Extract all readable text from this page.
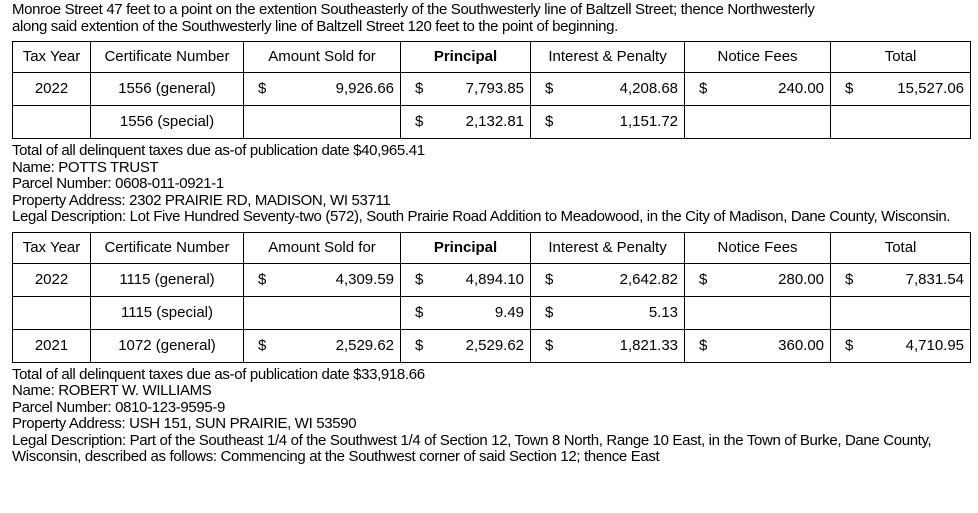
Monroe Street 47 feet to a point on the extention Southeasterly of the Southwesterly line of Baltzell Street; thence Northwesterly
along said extention of the Southwesterly line of Baltzell Street 120 feet to the point of beginning.
Tax Year	Certificate Number	Amount Sold for		Principal		Interest & Penalty		Notice Fees		Total	
2022	1556 (general)	$	9,926.66	$	7,793.85	$	4,208.68	$	240.00	$	15,527.06
	1556 (special)			$	2,132.81	$	1,151.72				
Total of all delinquent taxes due as-of publication date $40,965.41
Name: POTTS TRUST
Parcel Number: 0608-011-0921-1
Property Address: 2302 PRAIRIE RD, MADISON, WI 53711
Legal Description: Lot Five Hundred Seventy-two (572), South Prairie Road Addition to Meadowood, in the City of Madison, Dane County, Wisconsin.
Tax Year	Certificate Number	Amount Sold for		Principal		Interest & Penalty		Notice Fees		Total	
2022	1115 (general)	$	4,309.59	$	4,894.10	$	2,642.82	$	280.00	$	7,831.54
	1115 (special)			$	9.49	$	5.13				
2021	1072 (general)	$	2,529.62	$	2,529.62	$	1,821.33	$	360.00	$	4,710.95
Total of all delinquent taxes due as-of publication date $33,918.66
Name: ROBERT W. WILLIAMS
Parcel Number: 0810-123-9595-9
Property Address: USH 151, SUN PRAIRIE, WI 53590
Legal Description: Part of the Southeast 1/4 of the Southwest 1/4 of Section 12, Town 8 North, Range 10 East, in the Town of Burke, Dane County, Wisconsin, described as follows: Commencing at the Southwest corner of said Section 12; thence East
